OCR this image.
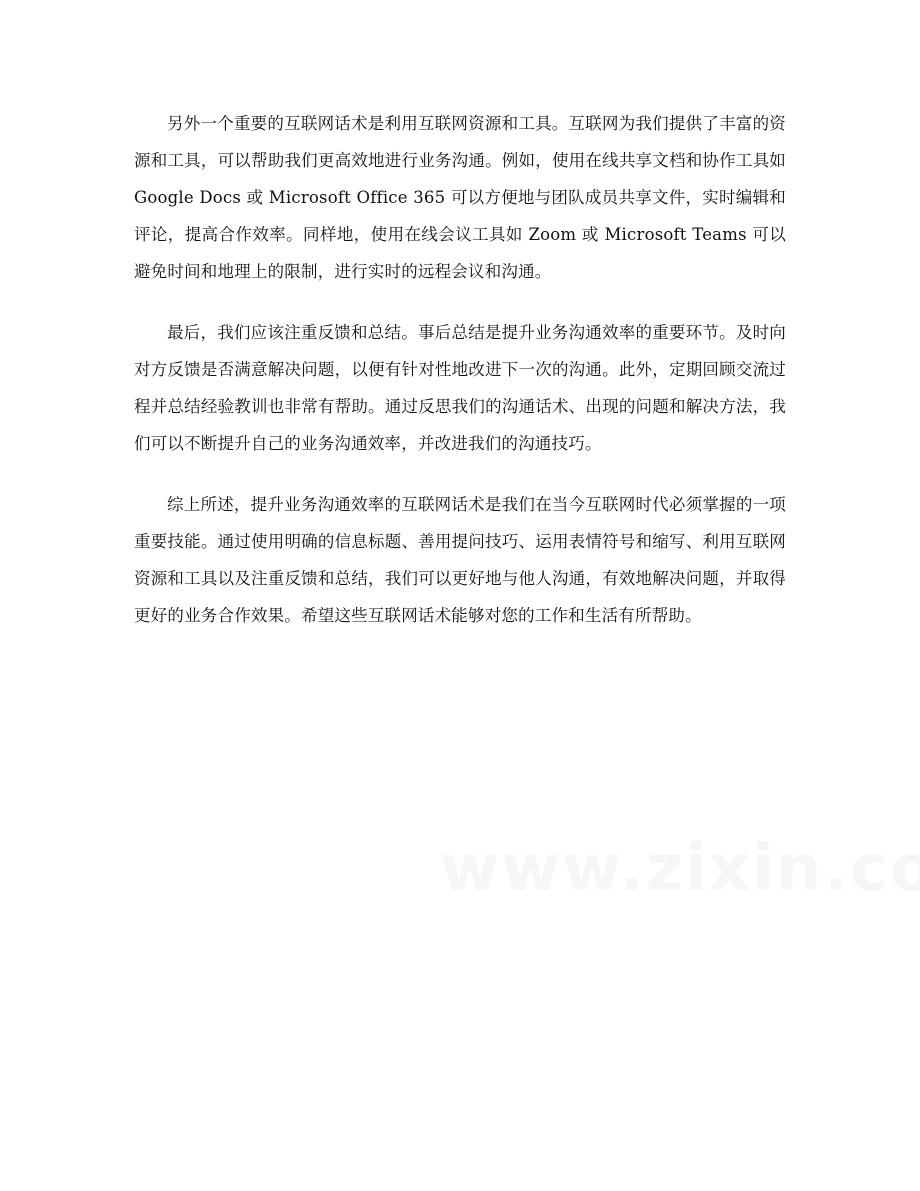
另外一个重要的互联网话术是利用互联网资源和工具。互联网为我们提供了丰富的资源和工具，可以帮助我们更高效地进行业务沟通。例如，使用在线共享文档和协作工具如 Google Docs 或 Microsoft Office 365 可以方便地与团队成员共享文件，实时编辑和评论，提高合作效率。同样地，使用在线会议工具如 Zoom 或 Microsoft Teams 可以避免时间和地理上的限制，进行实时的远程会议和沟通。

最后，我们应该注重反馈和总结。事后总结是提升业务沟通效率的重要环节。及时向对方反馈是否满意解决问题，以便有针对性地改进下一次的沟通。此外，定期回顾交流过程并总结经验教训也非常有帮助。通过反思我们的沟通话术、出现的问题和解决方法，我们可以不断提升自己的业务沟通效率，并改进我们的沟通技巧。

综上所述，提升业务沟通效率的互联网话术是我们在当今互联网时代必须掌握的一项重要技能。通过使用明确的信息标题、善用提问技巧、运用表情符号和缩写、利用互联网资源和工具以及注重反馈和总结，我们可以更好地与他人沟通，有效地解决问题，并取得更好的业务合作效果。希望这些互联网话术能够对您的工作和生活有所帮助。
